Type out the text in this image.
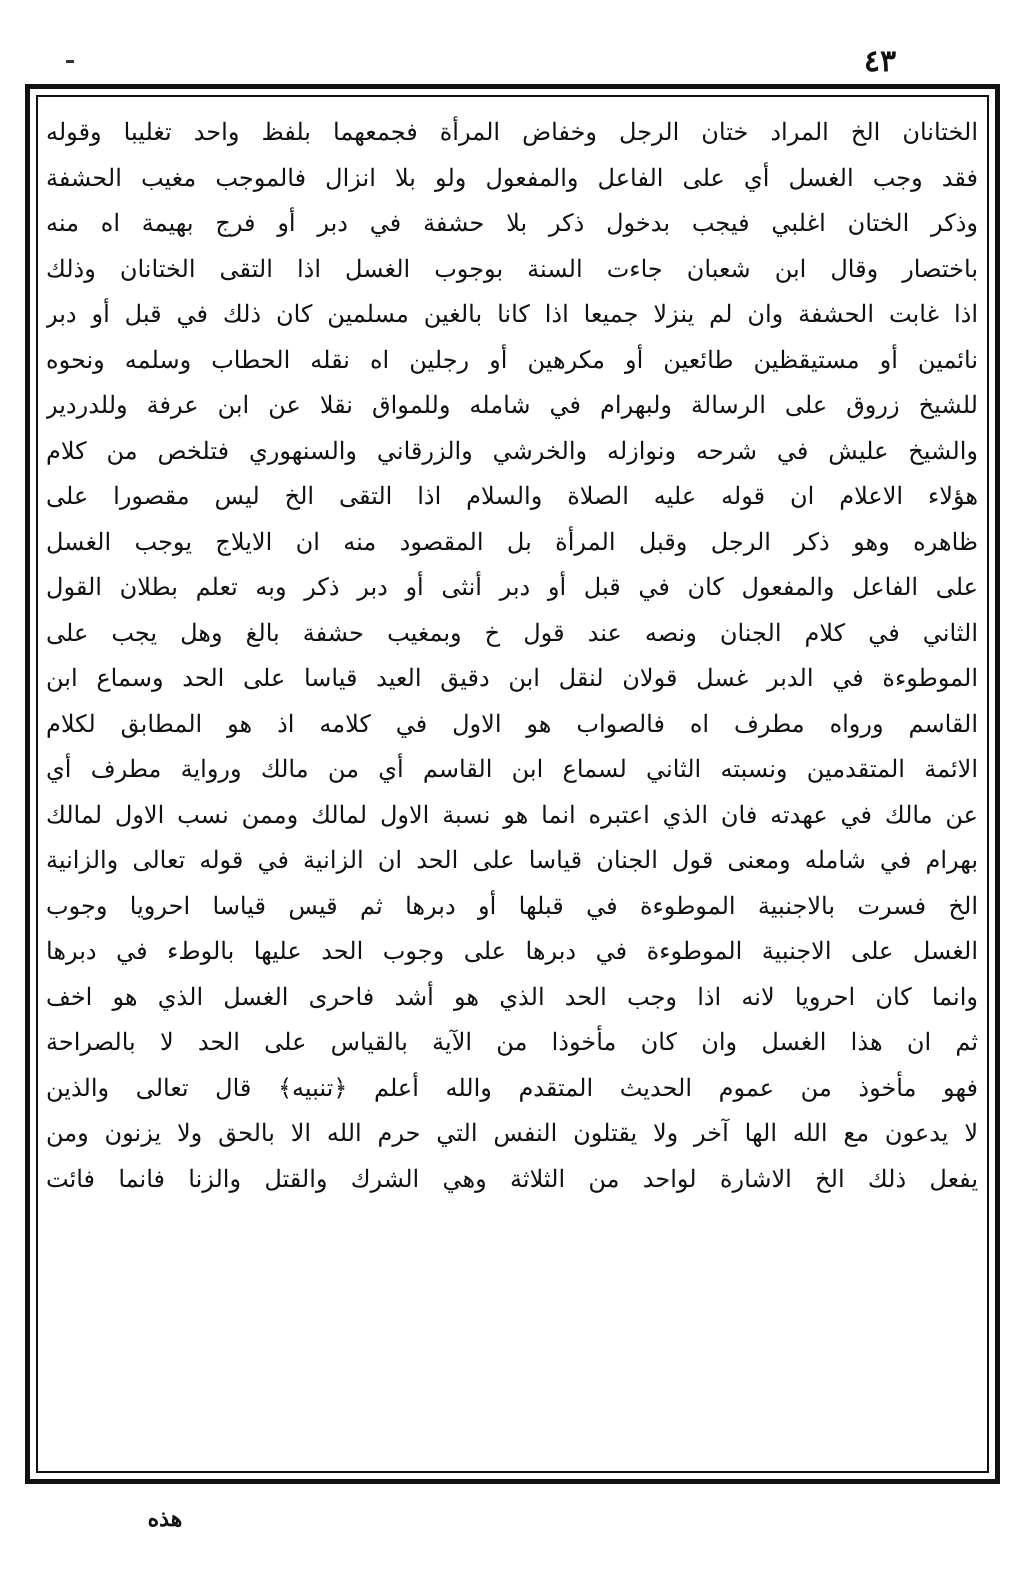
٤٣
الختانان الخ المراد ختان الرجل وخفاض المرأة فجمعهما بلفظ واحد تغليبا وقوله
فقد وجب الغسل أي على الفاعل والمفعول ولو بلا انزال فالموجب مغيب الحشفة
وذكر الختان اغلبي فيجب بدخول ذكر بلا حشفة في دبر أو فرج بهيمة اه منه
باختصار وقال ابن شعبان جاءت السنة بوجوب الغسل اذا التقى الختانان وذلك
اذا غابت الحشفة وان لم ينزلا جميعا اذا كانا بالغين مسلمين كان ذلك في قبل أو دبر
نائمين أو مستيقظين طائعين أو مكرهين أو رجلين اه نقله الحطاب وسلمه ونحوه
للشيخ زروق على الرسالة ولبهرام في شامله وللمواق نقلا عن ابن عرفة وللدردير
والشيخ عليش في شرحه ونوازله والخرشي والزرقاني والسنهوري فتلخص من كلام
هؤلاء الاعلام ان قوله عليه الصلاة والسلام اذا التقى الخ ليس مقصورا على
ظاهره وهو ذكر الرجل وقبل المرأة بل المقصود منه ان الايلاج يوجب الغسل
على الفاعل والمفعول كان في قبل أو دبر أنثى أو دبر ذكر وبه تعلم بطلان القول
الثاني في كلام الجنان ونصه عند قول خ وبمغيب حشفة بالغ وهل يجب على
الموطوءة في الدبر غسل قولان لنقل ابن دقيق العيد قياسا على الحد وسماع ابن
القاسم ورواه مطرف اه فالصواب هو الاول في كلامه اذ هو المطابق لكلام
الائمة المتقدمين ونسبته الثاني لسماع ابن القاسم أي من مالك ورواية مطرف أي
عن مالك في عهدته فان الذي اعتبره انما هو نسبة الاول لمالك وممن نسب الاول لمالك
بهرام في شامله ومعنى قول الجنان قياسا على الحد ان الزانية في قوله تعالى والزانية
الخ فسرت بالاجنبية الموطوءة في قبلها أو دبرها ثم قيس قياسا احرويا وجوب
الغسل على الاجنبية الموطوءة في دبرها على وجوب الحد عليها بالوطء في دبرها
وانما كان احرويا لانه اذا وجب الحد الذي هو أشد فاحرى الغسل الذي هو اخف
ثم ان هذا الغسل وان كان مأخوذا من الآية بالقياس على الحد لا بالصراحة
فهو مأخوذ من عموم الحديث المتقدم والله أعلم ﴿تنبيه﴾ قال تعالى والذين
لا يدعون مع الله الها آخر ولا يقتلون النفس التي حرم الله الا بالحق ولا يزنون ومن
يفعل ذلك الخ الاشارة لواحد من الثلاثة وهي الشرك والقتل والزنا فانما فائت
هذه
